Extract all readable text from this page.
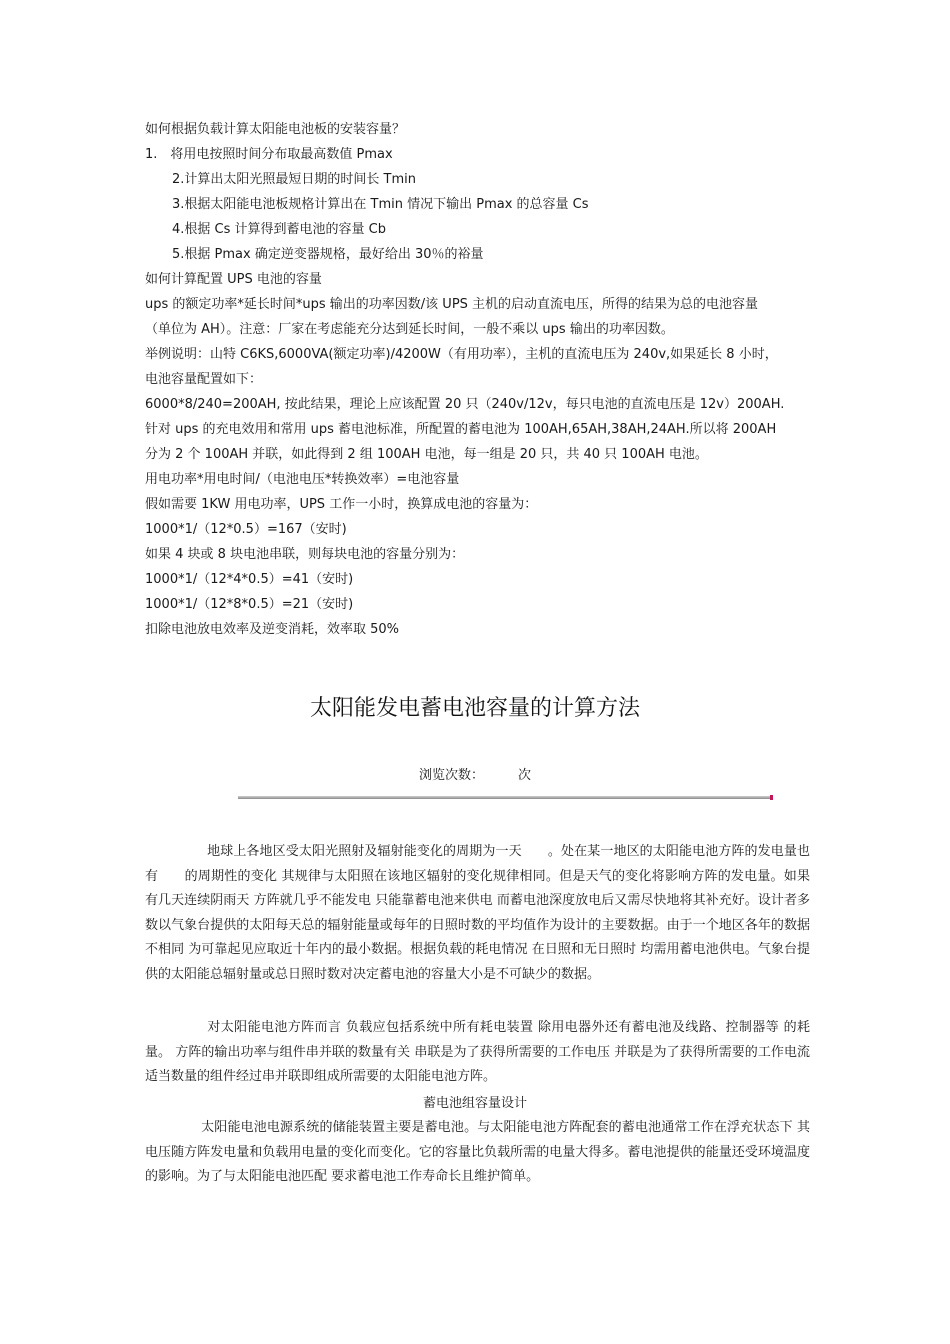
如何根据负载计算太阳能电池板的安装容量？
1.　将用电按照时间分布取最高数值 Pmax
2.计算出太阳光照最短日期的时间长 Tmin
3.根据太阳能电池板规格计算出在 Tmin 情况下输出 Pmax 的总容量 Cs
4.根据 Cs 计算得到蓄电池的容量 Cb
5.根据 Pmax 确定逆变器规格，最好给出 30％的裕量
如何计算配置 UPS 电池的容量
ups 的额定功率*延长时间*ups 输出的功率因数/该 UPS 主机的启动直流电压，所得的结果为总的电池容量
（单位为 AH）。注意：厂家在考虑能充分达到延长时间，一般不乘以 ups 输出的功率因数。
举例说明：山特 C6KS,6000VA(额定功率)/4200W（有用功率），主机的直流电压为 240v,如果延长 8 小时，
电池容量配置如下：
6000*8/240=200AH, 按此结果，理论上应该配置 20 只（240v/12v，每只电池的直流电压是 12v）200AH.
针对 ups 的充电效用和常用 ups 蓄电池标准，所配置的蓄电池为 100AH,65AH,38AH,24AH.所以将 200AH
分为 2 个 100AH 并联，如此得到 2 组 100AH 电池，每一组是 20 只，共 40 只 100AH 电池。
用电功率*用电时间/（电池电压*转换效率）=电池容量
假如需要 1KW 用电功率，UPS 工作一小时，换算成电池的容量为：
1000*1/（12*0.5）=167（安时)
如果 4 块或 8 块电池串联，则每块电池的容量分别为：
1000*1/（12*4*0.5）=41（安时)
1000*1/（12*8*0.5）=21（安时)
扣除电池放电效率及逆变消耗，效率取 50%
太阳能发电蓄电池容量的计算方法
浏览次数：	次
地球上各地区受太阳光照射及辐射能变化的周期为一天　　。处在某一地区的太阳能电池方阵的发电量也有　　的周期性的变化 其规律与太阳照在该地区辐射的变化规律相同。但是天气的变化将影响方阵的发电量。如果有几天连续阴雨天 方阵就几乎不能发电 只能靠蓄电池来供电 而蓄电池深度放电后又需尽快地将其补充好。设计者多数以气象台提供的太阳每天总的辐射能量或每年的日照时数的平均值作为设计的主要数据。由于一个地区各年的数据不相同 为可靠起见应取近十年内的最小数据。根据负载的耗电情况 在日照和无日照时 均需用蓄电池供电。气象台提供的太阳能总辐射量或总日照时数对决定蓄电池的容量大小是不可缺少的数据。
对太阳能电池方阵而言 负载应包括系统中所有耗电装置 除用电器外还有蓄电池及线路、控制器等 的耗量。 方阵的输出功率与组件串并联的数量有关 串联是为了获得所需要的工作电压 并联是为了获得所需要的工作电流 适当数量的组件经过串并联即组成所需要的太阳能电池方阵。
蓄电池组容量设计
太阳能电池电源系统的储能装置主要是蓄电池。与太阳能电池方阵配套的蓄电池通常工作在浮充状态下 其电压随方阵发电量和负载用电量的变化而变化。它的容量比负载所需的电量大得多。蓄电池提供的能量还受环境温度的影响。为了与太阳能电池匹配 要求蓄电池工作寿命长且维护简单。
